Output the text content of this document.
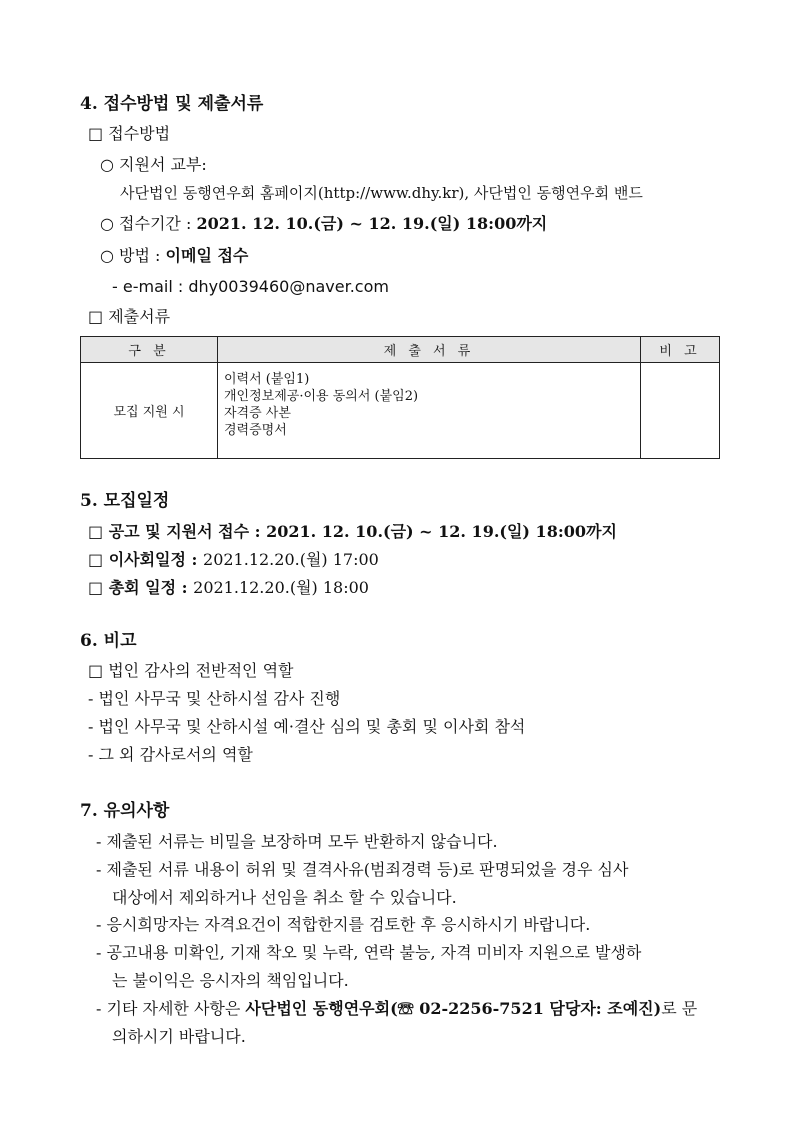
4. 접수방법 및 제출서류
□ 접수방법
○ 지원서 교부:
사단법인 동행연우회 홈페이지(http://www.dhy.kr), 사단법인 동행연우회 밴드
○ 접수기간 : 2021. 12. 10.(금) ~ 12. 19.(일) 18:00까지
○ 방법 : 이메일 접수
- e-mail : dhy0039460@naver.com
□ 제출서류
구 분	제 출 서 류	비 고
모집 지원 시	이력서 (붙임1)
개인정보제공·이용 동의서 (붙임2)
자격증 사본
경력증명서	

5. 모집일정
□ 공고 및 지원서 접수 : 2021. 12. 10.(금) ~ 12. 19.(일) 18:00까지
□ 이사회일정 : 2021.12.20.(월) 17:00
□ 총회 일정 : 2021.12.20.(월) 18:00
6. 비고
□ 법인 감사의 전반적인 역할
- 법인 사무국 및 산하시설 감사 진행
- 법인 사무국 및 산하시설 예·결산 심의 및 총회 및 이사회 참석
- 그 외 감사로서의 역할
7. 유의사항
- 제출된 서류는 비밀을 보장하며 모두 반환하지 않습니다.
- 제출된 서류 내용이 허위 및 결격사유(범죄경력 등)로 판명되었을 경우 심사
대상에서 제외하거나 선임을 취소 할 수 있습니다.
- 응시희망자는 자격요건이 적합한지를 검토한 후 응시하시기 바랍니다.
- 공고내용 미확인, 기재 착오 및 누락, 연락 불능, 자격 미비자 지원으로 발생하
는 불이익은 응시자의 책임입니다.
- 기타 자세한 사항은 사단법인 동행연우회(☏ 02-2256-7521 담당자: 조예진)로 문
의하시기 바랍니다.
